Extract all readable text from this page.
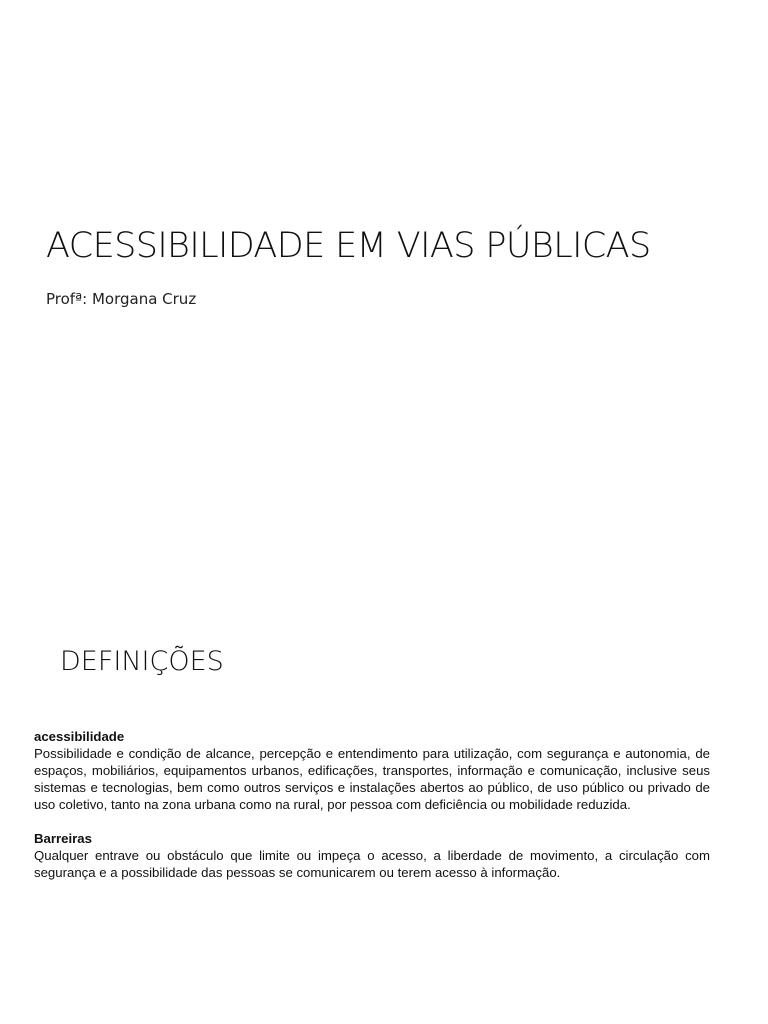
ACESSIBILIDADE EM VIAS PÚBLICAS

Profª: Morgana Cruz

DEFINIÇÕES
acessibilidade
Possibilidade e condição de alcance, percepção e entendimento para utilização, com segurança e autonomia, de espaços, mobiliários, equipamentos urbanos, edificações, transportes, informação e comunicação, inclusive seus sistemas e tecnologias, bem como outros serviços e instalações abertos ao público, de uso público ou privado de uso coletivo, tanto na zona urbana como na rural, por pessoa com deficiência ou mobilidade reduzida.
Barreiras
Qualquer entrave ou obstáculo que limite ou impeça o acesso, a liberdade de movimento, a circulação com segurança e a possibilidade das pessoas se comunicarem ou terem acesso à informação.
